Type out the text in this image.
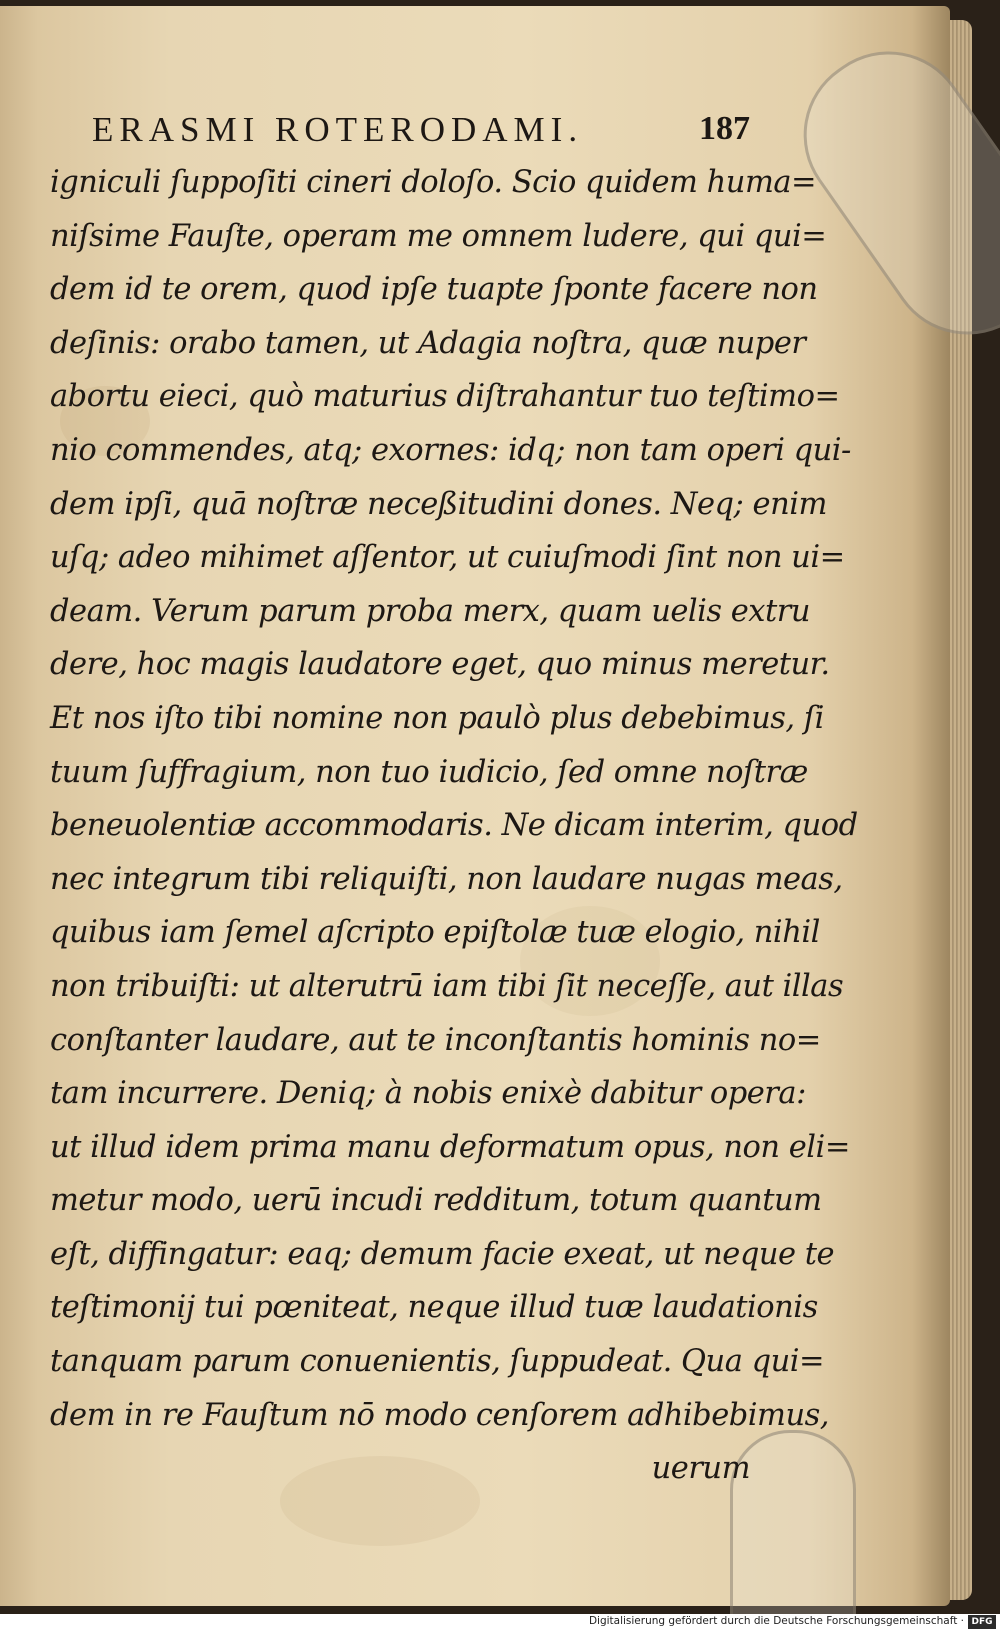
ERASMI ROTERODAMI.	187
igniculi ſuppoſiti cineri doloſo. Scio quidem huma=
niſsime Fauſte, operam me omnem ludere, qui qui=
dem id te orem, quod ipſe tuapte ſponte facere non
deſinis: orabo tamen, ut Adagia noſtra, quæ nuper
abortu eieci, quò maturius diſtrahantur tuo teſtimo=
nio commendes, atq; exornes: idq; non tam operi qui-
dem ipſi, quā noſtræ neceßitudini dones. Neq; enim
uſq; adeo mihimet aſſentor, ut cuiuſmodi ſint non ui=
deam. Verum parum proba merx, quam uelis extru
dere, hoc magis laudatore eget, quo minus meretur.
Et nos iſto tibi nomine non paulò plus debebimus, ſi
tuum ſuffragium, non tuo iudicio, ſed omne noſtræ
beneuolentiæ accommodaris. Ne dicam interim, quod
nec integrum tibi reliquiſti, non laudare nugas meas,
quibus iam ſemel aſcripto epiſtolæ tuæ elogio, nihil
non tribuiſti: ut alterutrū iam tibi ſit neceſſe, aut illas
conſtanter laudare, aut te inconſtantis hominis no=
tam incurrere. Deniq; à nobis enixè dabitur opera:
ut illud idem prima manu deformatum opus, non eli=
metur modo, uerū incudi redditum, totum quantum
eſt, diffingatur: eaq; demum facie exeat, ut neque te
teſtimonij tui pœniteat, neque illud tuæ laudationis
tanquam parum conuenientis, ſuppudeat. Qua qui=
dem in re Fauſtum nō modo cenſorem adhibebimus,
uerum
Digitalisierung gefördert durch die Deutsche Forschungsgemeinschaft · DFG
